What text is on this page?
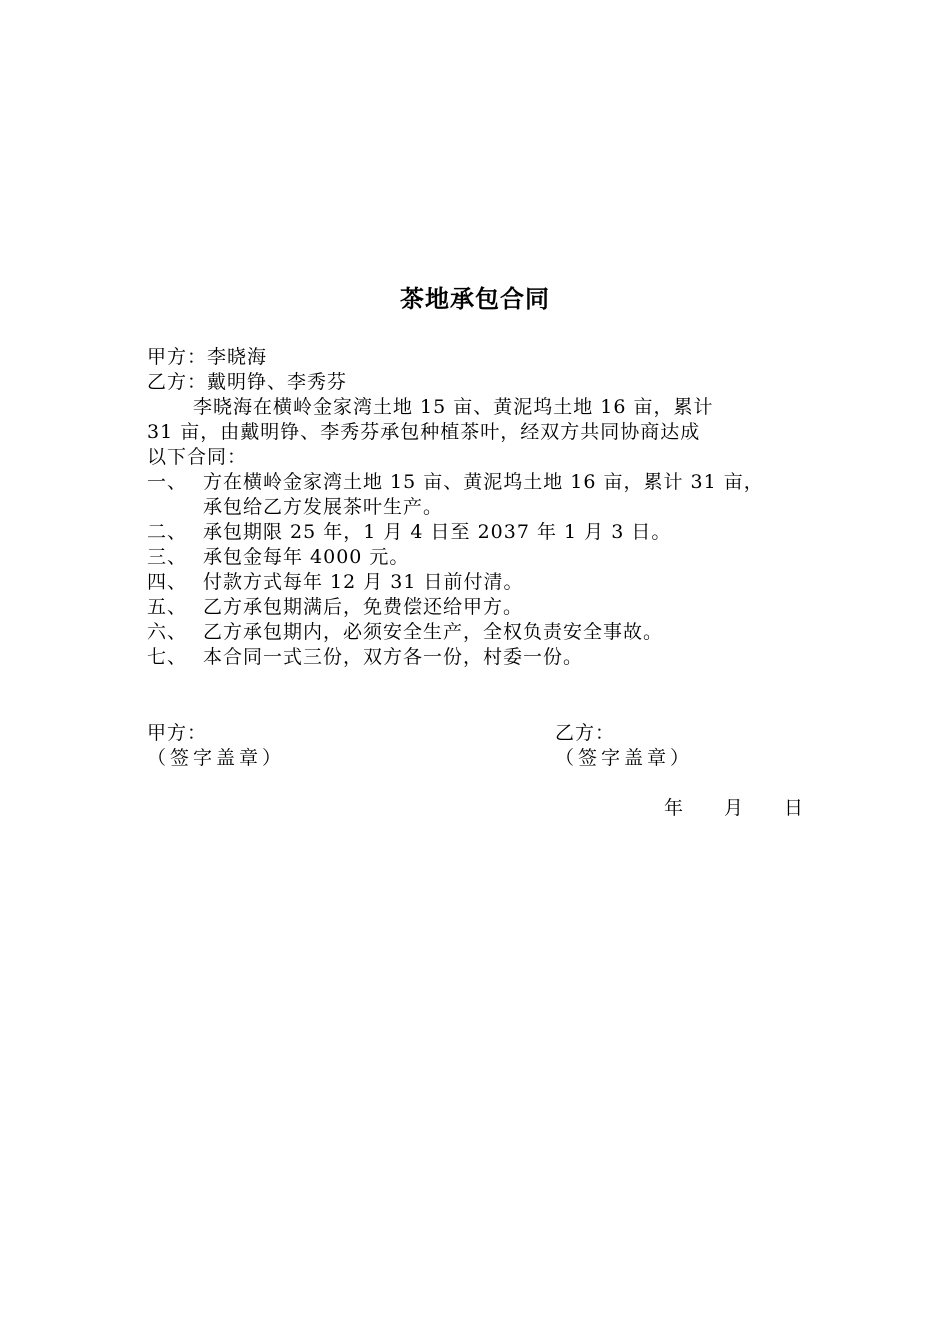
茶地承包合同
甲方：李晓海
乙方：戴明铮、李秀芬
李晓海在横岭金家湾土地 15 亩、黄泥坞土地 16 亩，累计
31 亩，由戴明铮、李秀芬承包种植茶叶，经双方共同协商达成
以下合同：
一、 方在横岭金家湾土地 15 亩、黄泥坞土地 16 亩，累计 31 亩，
承包给乙方发展茶叶生产。
二、 承包期限 25 年，1 月 4 日至 2037 年 1 月 3 日。
三、 承包金每年 4000 元。
四、 付款方式每年 12 月 31 日前付清。
五、 乙方承包期满后，免费偿还给甲方。
六、 乙方承包期内，必须安全生产，全权负责安全事故。
七、 本合同一式三份，双方各一份，村委一份。
甲方：
（签字盖章）
乙方：
（签字盖章）
年 月 日
